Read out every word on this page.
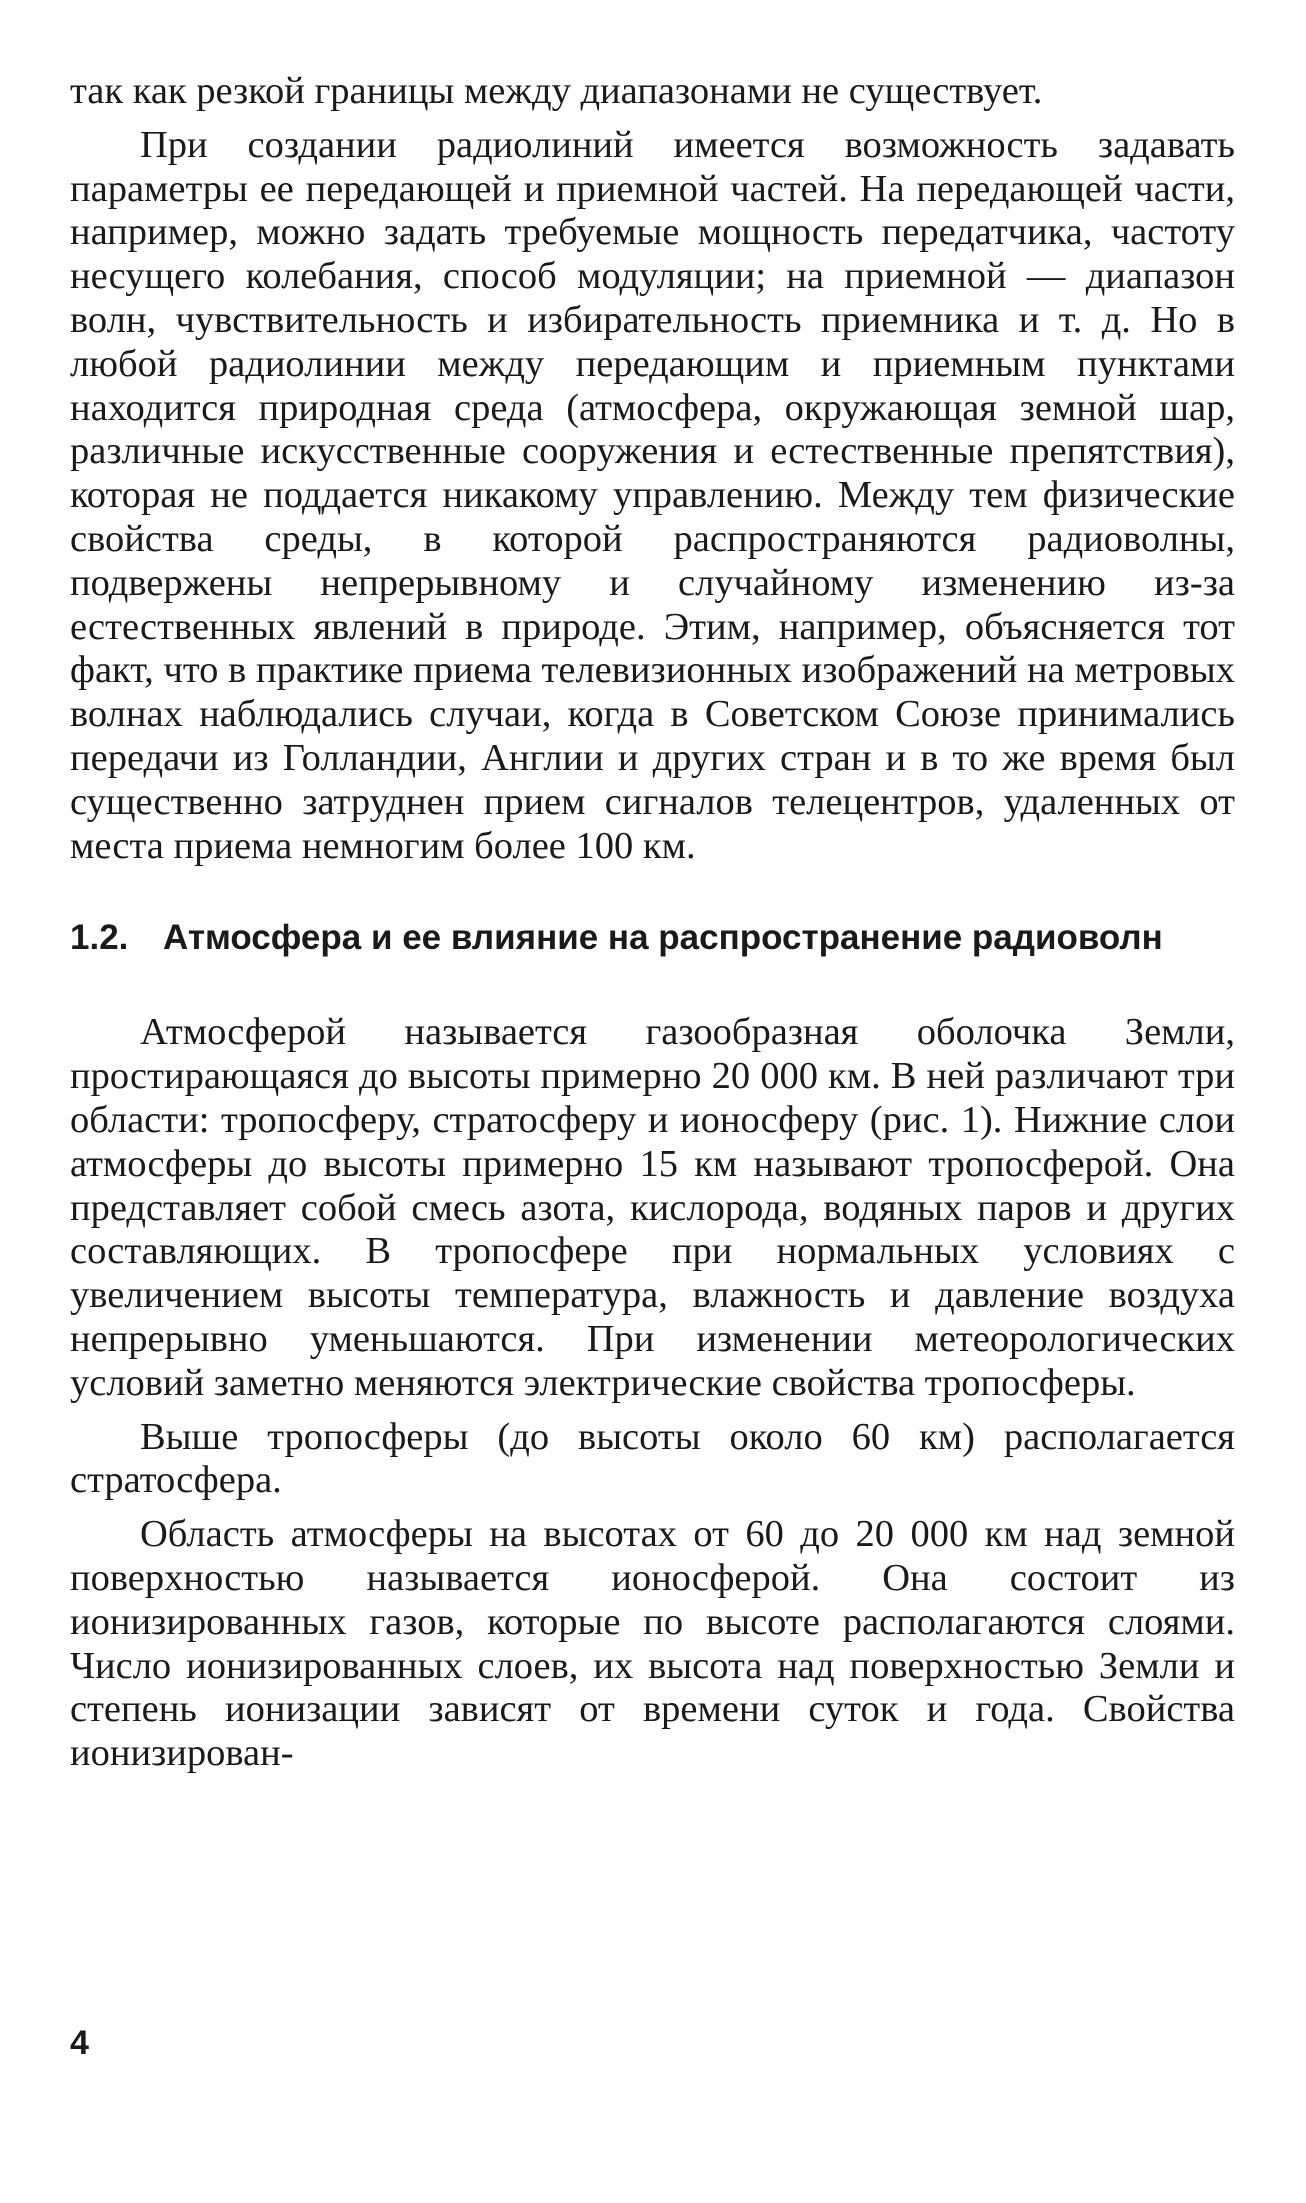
так как резкой границы между диапазонами не существует.

При создании радиолиний имеется возможность задавать параметры ее передающей и приемной частей. На передающей части, например, можно задать требуемые мощность передатчика, частоту несущего колебания, способ модуляции; на приемной — диапазон волн, чувствительность и избирательность приемника и т. д. Но в любой радиолинии между передающим и приемным пунктами находится природная среда (атмосфера, окружающая земной шар, различные искусственные сооружения и естественные препятствия), которая не поддается никакому управлению. Между тем физические свойства среды, в которой распространяются радиоволны, подвержены непрерывному и случайному изменению из-за естественных явлений в природе. Этим, например, объясняется тот факт, что в практике приема телевизионных изображений на метровых волнах наблюдались случаи, когда в Советском Союзе принимались передачи из Голландии, Англии и других стран и в то же время был существенно затруднен прием сигналов телецентров, удаленных от места приема немногим более 100 км.

1.2. Атмосфера и ее влияние на распространение радиоволн

Атмосферой называется газообразная оболочка Земли, простирающаяся до высоты примерно 20 000 км. В ней различают три области: тропосферу, стратосферу и ионосферу (рис. 1). Нижние слои атмосферы до высоты примерно 15 км называют тропосферой. Она представляет собой смесь азота, кислорода, водяных паров и других составляющих. В тропосфере при нормальных условиях с увеличением высоты температура, влажность и давление воздуха непрерывно уменьшаются. При изменении метеорологических условий заметно меняются электрические свойства тропосферы.

Выше тропосферы (до высоты около 60 км) располагается стратосфера.

Область атмосферы на высотах от 60 до 20 000 км над земной поверхностью называется ионосферой. Она состоит из ионизированных газов, которые по высоте располагаются слоями. Число ионизированных слоев, их высота над поверхностью Земли и степень ионизации зависят от времени суток и года. Свойства ионизирован-

4
